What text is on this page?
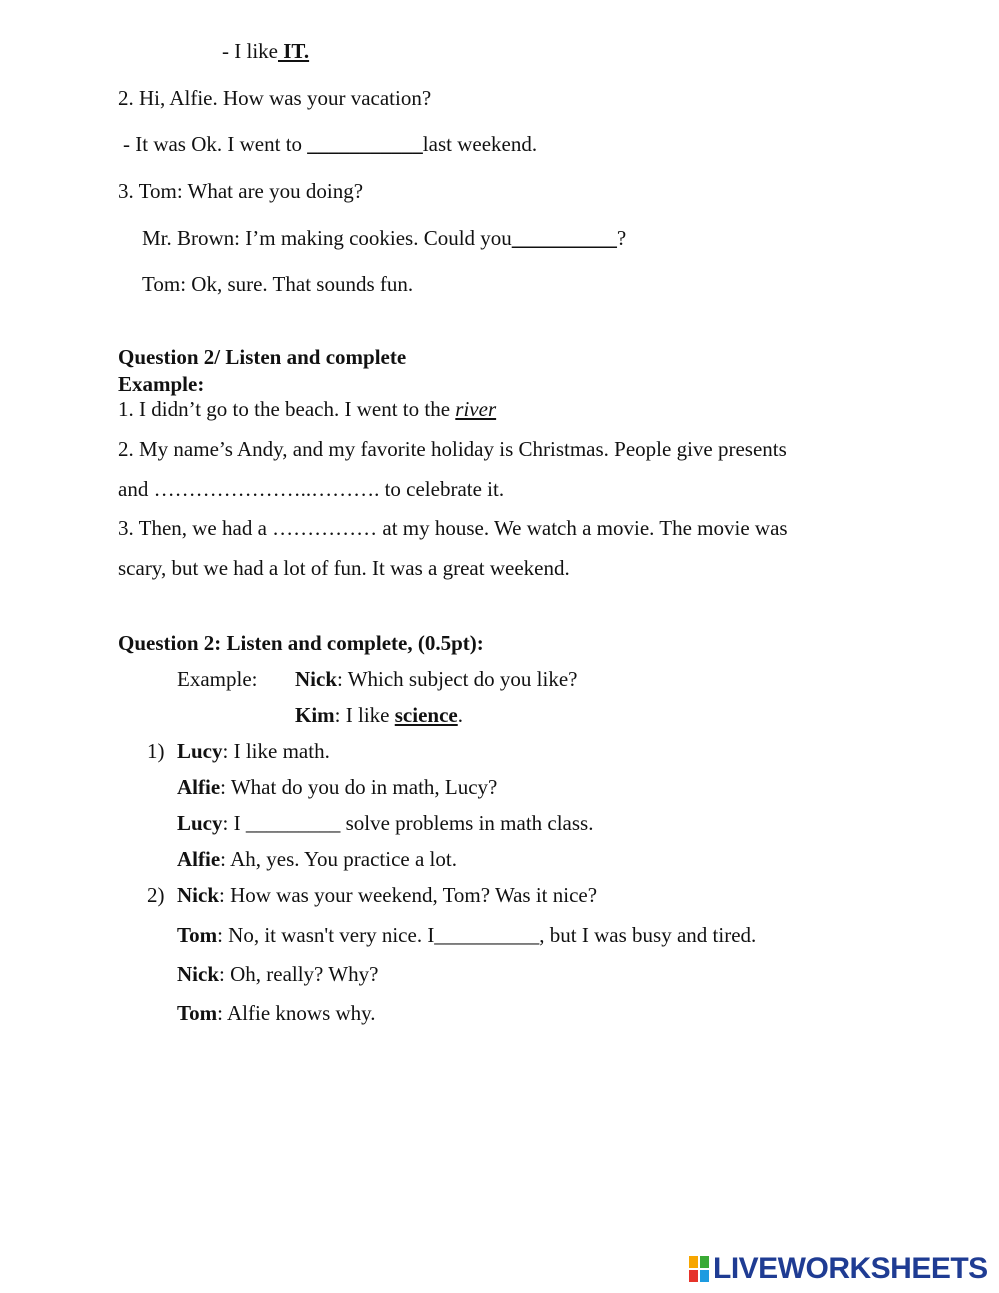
- I like IT.
2. Hi, Alfie. How was your vacation?
- It was Ok. I went to ___________last weekend.
3. Tom: What are you doing?
Mr. Brown: I’m making cookies. Could you__________?
Tom: Ok, sure. That sounds fun.
Question 2/ Listen and complete
Example:
1. I didn’t go to the beach. I went to the river
2. My name’s Andy, and my favorite holiday is Christmas. People give presents
and …………………..………. to celebrate it.
3. Then, we had a …………… at my house. We watch a movie. The movie was
scary, but we had a lot of fun. It was a great weekend.
Question 2: Listen and complete, (0.5pt):
Example: Nick: Which subject do you like?
Kim: I like science.
1) Lucy: I like math.
Alfie: What do you do in math, Lucy?
Lucy: I _________ solve problems in math class.
Alfie: Ah, yes. You practice a lot.
2) Nick: How was your weekend, Tom? Was it nice?
Tom: No, it wasn't very nice. I__________, but I was busy and tired.
Nick: Oh, really? Why?
Tom: Alfie knows why.
LIVEWORKSHEETS
